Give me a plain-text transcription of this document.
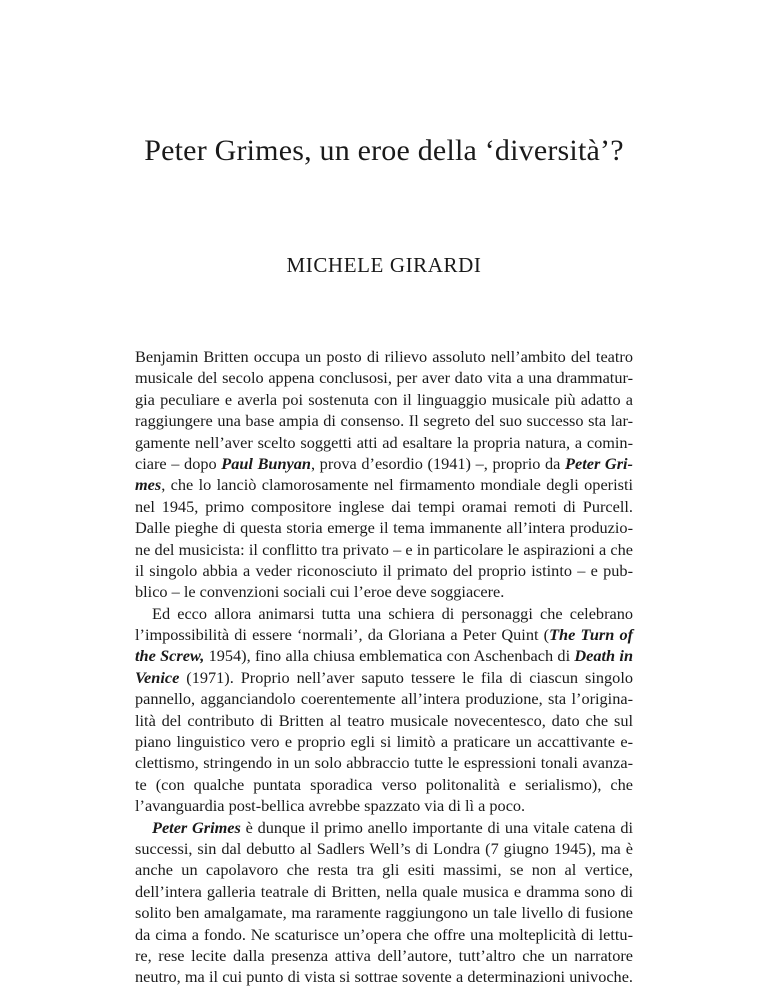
Peter Grimes, un eroe della ‘diversità’?
MICHELE GIRARDI
Benjamin Britten occupa un posto di rilievo assoluto nell’ambito del teatro
musicale del secolo appena conclusosi, per aver dato vita a una drammatur-
gia peculiare e averla poi sostenuta con il linguaggio musicale più adatto a
raggiungere una base ampia di consenso. Il segreto del suo successo sta lar-
gamente nell’aver scelto soggetti atti ad esaltare la propria natura, a comin-
ciare – dopo Paul Bunyan, prova d’esordio (1941) –, proprio da Peter Gri-
mes, che lo lanciò clamorosamente nel firmamento mondiale degli operisti
nel 1945, primo compositore inglese dai tempi oramai remoti di Purcell.
Dalle pieghe di questa storia emerge il tema immanente all’intera produzio-
ne del musicista: il conflitto tra privato – e in particolare le aspirazioni a che
il singolo abbia a veder riconosciuto il primato del proprio istinto – e pub-
blico – le convenzioni sociali cui l’eroe deve soggiacere.
Ed ecco allora animarsi tutta una schiera di personaggi che celebrano
l’impossibilità di essere ‘normali’, da Gloriana a Peter Quint (The Turn of
the Screw, 1954), fino alla chiusa emblematica con Aschenbach di Death in
Venice (1971). Proprio nell’aver saputo tessere le fila di ciascun singolo
pannello, agganciandolo coerentemente all’intera produzione, sta l’origina-
lità del contributo di Britten al teatro musicale novecentesco, dato che sul
piano linguistico vero e proprio egli si limitò a praticare un accattivante e-
clettismo, stringendo in un solo abbraccio tutte le espressioni tonali avanza-
te (con qualche puntata sporadica verso politonalità e serialismo), che
l’avanguardia post-bellica avrebbe spazzato via di lì a poco.
Peter Grimes è dunque il primo anello importante di una vitale catena di
successi, sin dal debutto al Sadlers Well’s di Londra (7 giugno 1945), ma è
anche un capolavoro che resta tra gli esiti massimi, se non al vertice,
dell’intera galleria teatrale di Britten, nella quale musica e dramma sono di
solito ben amalgamate, ma raramente raggiungono un tale livello di fusione
da cima a fondo. Ne scaturisce un’opera che offre una molteplicità di lettu-
re, rese lecite dalla presenza attiva dell’autore, tutt’altro che un narratore
neutro, ma il cui punto di vista si sottrae sovente a determinazioni univoche.
